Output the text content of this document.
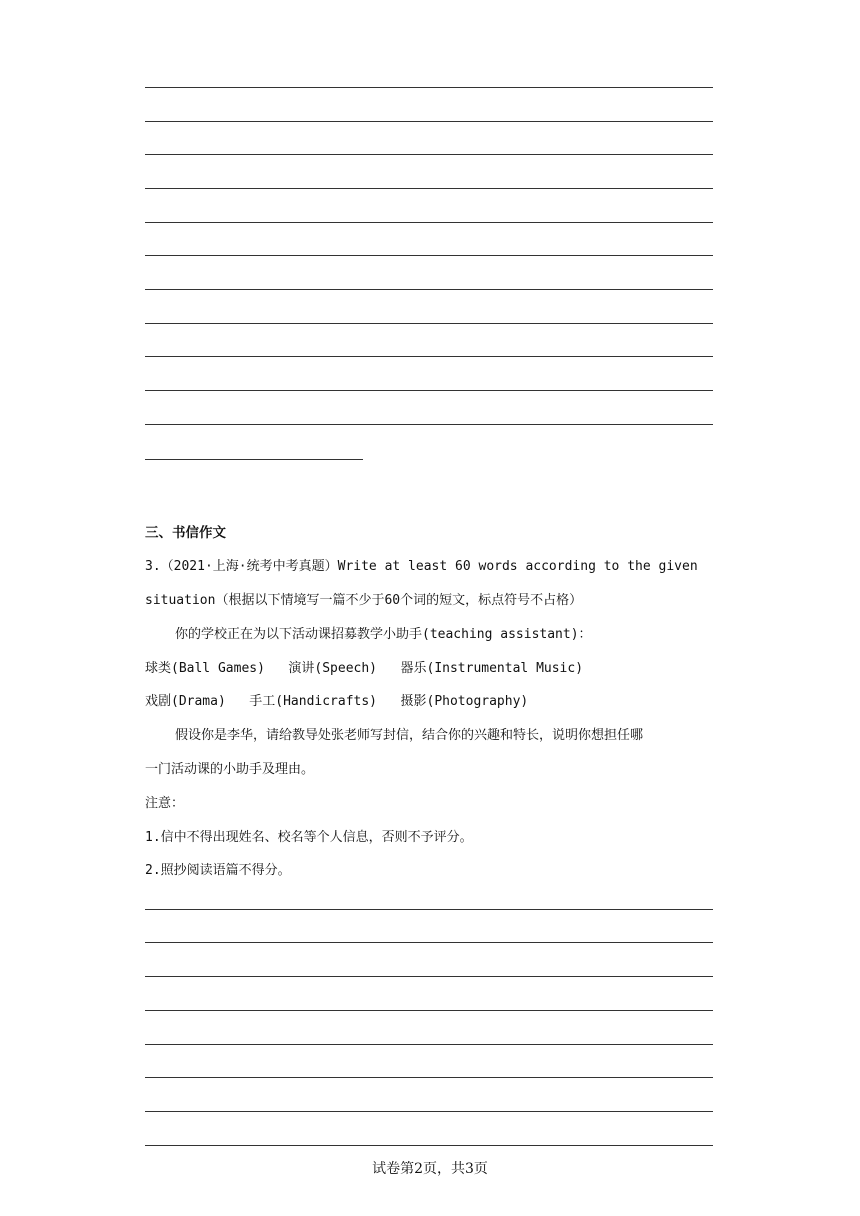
三、书信作文
3.（2021·上海·统考中考真题）Write at least 60 words according to the given
situation（根据以下情境写一篇不少于60个词的短文，标点符号不占格）
你的学校正在为以下活动课招募教学小助手(teaching assistant)：
球类(Ball Games)   演讲(Speech)   器乐(Instrumental Music)
戏剧(Drama)   手工(Handicrafts)   摄影(Photography)
假设你是李华，请给教导处张老师写封信，结合你的兴趣和特长，说明你想担任哪
一门活动课的小助手及理由。
注意：
1.信中不得出现姓名、校名等个人信息，否则不予评分。
2.照抄阅读语篇不得分。
试卷第2页，共3页
